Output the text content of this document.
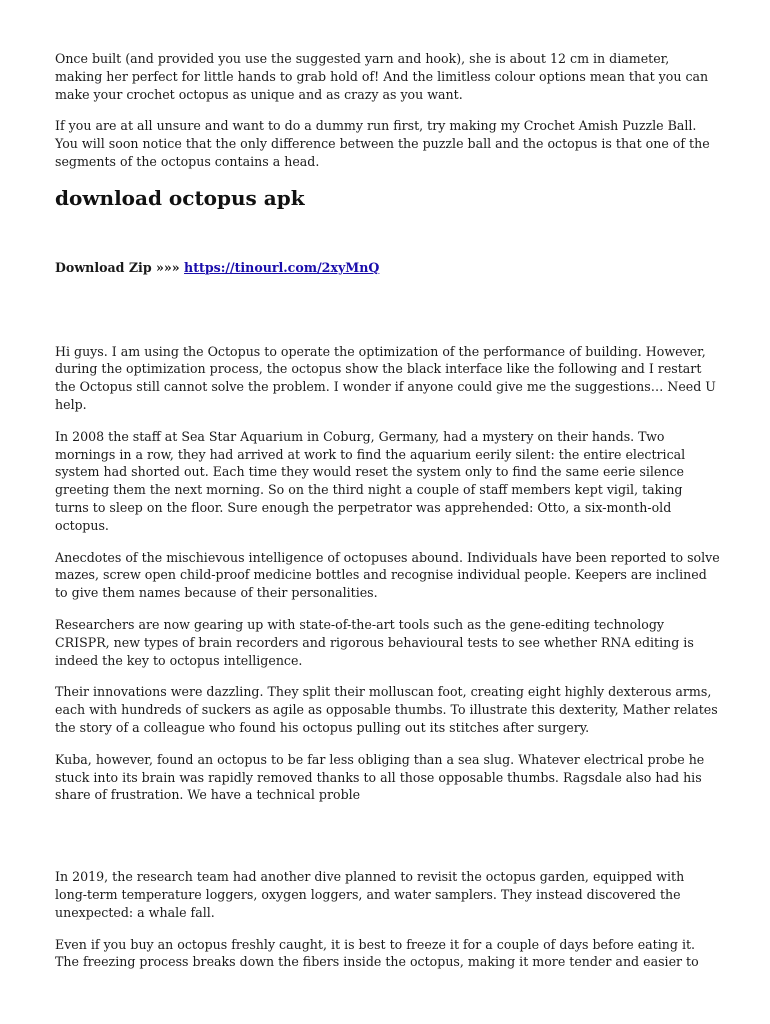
Once built (and provided you use the suggested yarn and hook), she is about 12 cm in diameter, making her perfect for little hands to grab hold of! And the limitless colour options mean that you can make your crochet octopus as unique and as crazy as you want.

If you are at all unsure and want to do a dummy run first, try making my Crochet Amish Puzzle Ball. You will soon notice that the only difference between the puzzle ball and the octopus is that one of the segments of the octopus contains a head.

download octopus apk
Download Zip »»» https://tinourl.com/2xyMnQ

Hi guys. I am using the Octopus to operate the optimization of the performance of building. However, during the optimization process, the octopus show the black interface like the following and I restart the Octopus still cannot solve the problem. I wonder if anyone could give me the suggestions… Need U help.

In 2008 the staff at Sea Star Aquarium in Coburg, Germany, had a mystery on their hands. Two mornings in a row, they had arrived at work to find the aquarium eerily silent: the entire electrical system had shorted out. Each time they would reset the system only to find the same eerie silence greeting them the next morning. So on the third night a couple of staff members kept vigil, taking turns to sleep on the floor. Sure enough the perpetrator was apprehended: Otto, a six-month-old octopus.

Anecdotes of the mischievous intelligence of octopuses abound. Individuals have been reported to solve mazes, screw open child-proof medicine bottles and recognise individual people. Keepers are inclined to give them names because of their personalities.

Researchers are now gearing up with state-of-the-art tools such as the gene-editing technology CRISPR, new types of brain recorders and rigorous behavioural tests to see whether RNA editing is indeed the key to octopus intelligence.

Their innovations were dazzling. They split their molluscan foot, creating eight highly dexterous arms, each with hundreds of suckers as agile as opposable thumbs. To illustrate this dexterity, Mather relates the story of a colleague who found his octopus pulling out its stitches after surgery.

Kuba, however, found an octopus to be far less obliging than a sea slug. Whatever electrical probe he stuck into its brain was rapidly removed thanks to all those opposable thumbs. Ragsdale also had his share of frustration. We have a technical proble

In 2019, the research team had another dive planned to revisit the octopus garden, equipped with long-term temperature loggers, oxygen loggers, and water samplers. They instead discovered the unexpected: a whale fall.

Even if you buy an octopus freshly caught, it is best to freeze it for a couple of days before eating it. The freezing process breaks down the fibers inside the octopus, making it more tender and easier to
